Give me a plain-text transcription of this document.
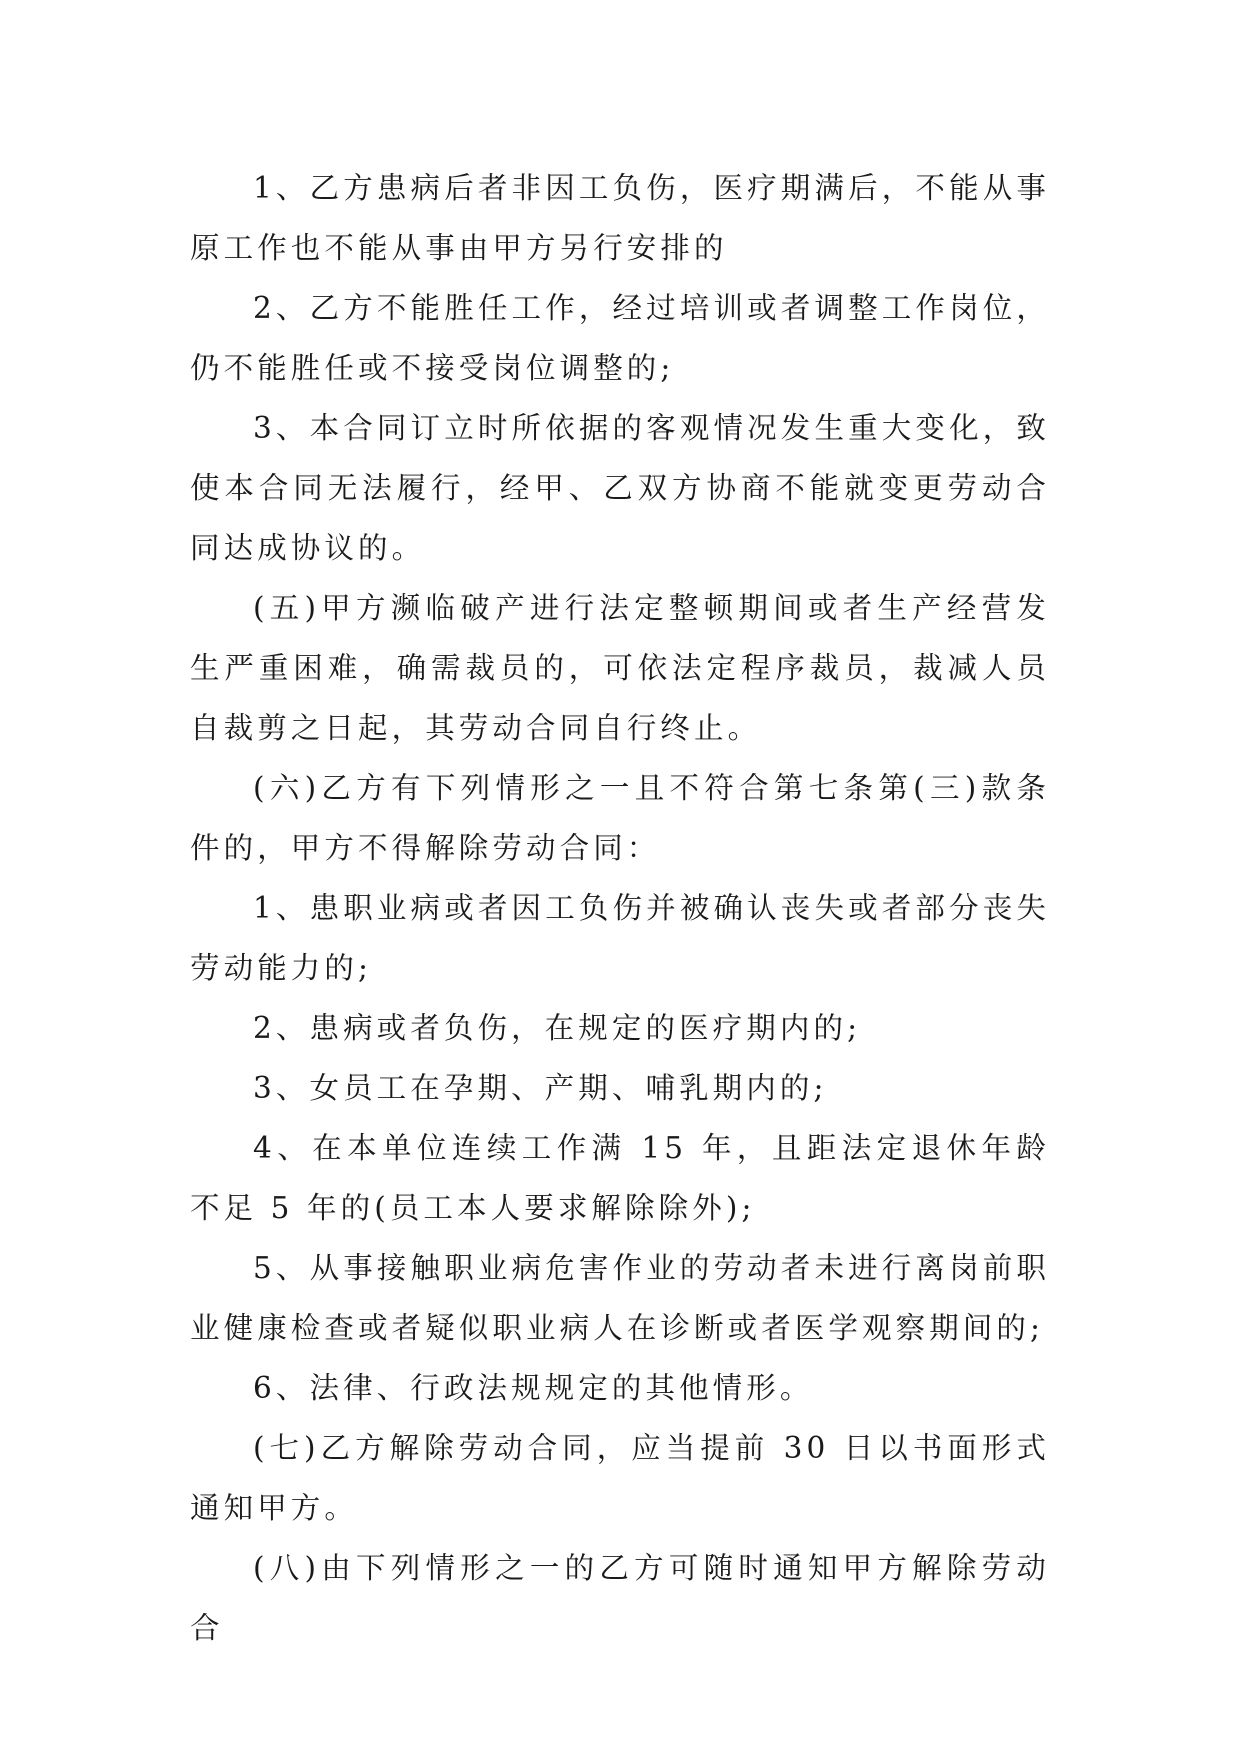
1、乙方患病后者非因工负伤，医疗期满后，不能从事原工作也不能从事由甲方另行安排的

2、乙方不能胜任工作，经过培训或者调整工作岗位，仍不能胜任或不接受岗位调整的;

3、本合同订立时所依据的客观情况发生重大变化，致使本合同无法履行，经甲、乙双方协商不能就变更劳动合同达成协议的。

(五)甲方濒临破产进行法定整顿期间或者生产经营发生严重困难，确需裁员的，可依法定程序裁员，裁减人员自裁剪之日起，其劳动合同自行终止。

(六)乙方有下列情形之一且不符合第七条第(三)款条件的，甲方不得解除劳动合同：

1、患职业病或者因工负伤并被确认丧失或者部分丧失劳动能力的;

2、患病或者负伤，在规定的医疗期内的;

3、女员工在孕期、产期、哺乳期内的;

4、在本单位连续工作满 15 年，且距法定退休年龄不足 5 年的(员工本人要求解除除外);

5、从事接触职业病危害作业的劳动者未进行离岗前职业健康检查或者疑似职业病人在诊断或者医学观察期间的;

6、法律、行政法规规定的其他情形。

(七)乙方解除劳动合同，应当提前 30 日以书面形式通知甲方。

(八)由下列情形之一的乙方可随时通知甲方解除劳动合
